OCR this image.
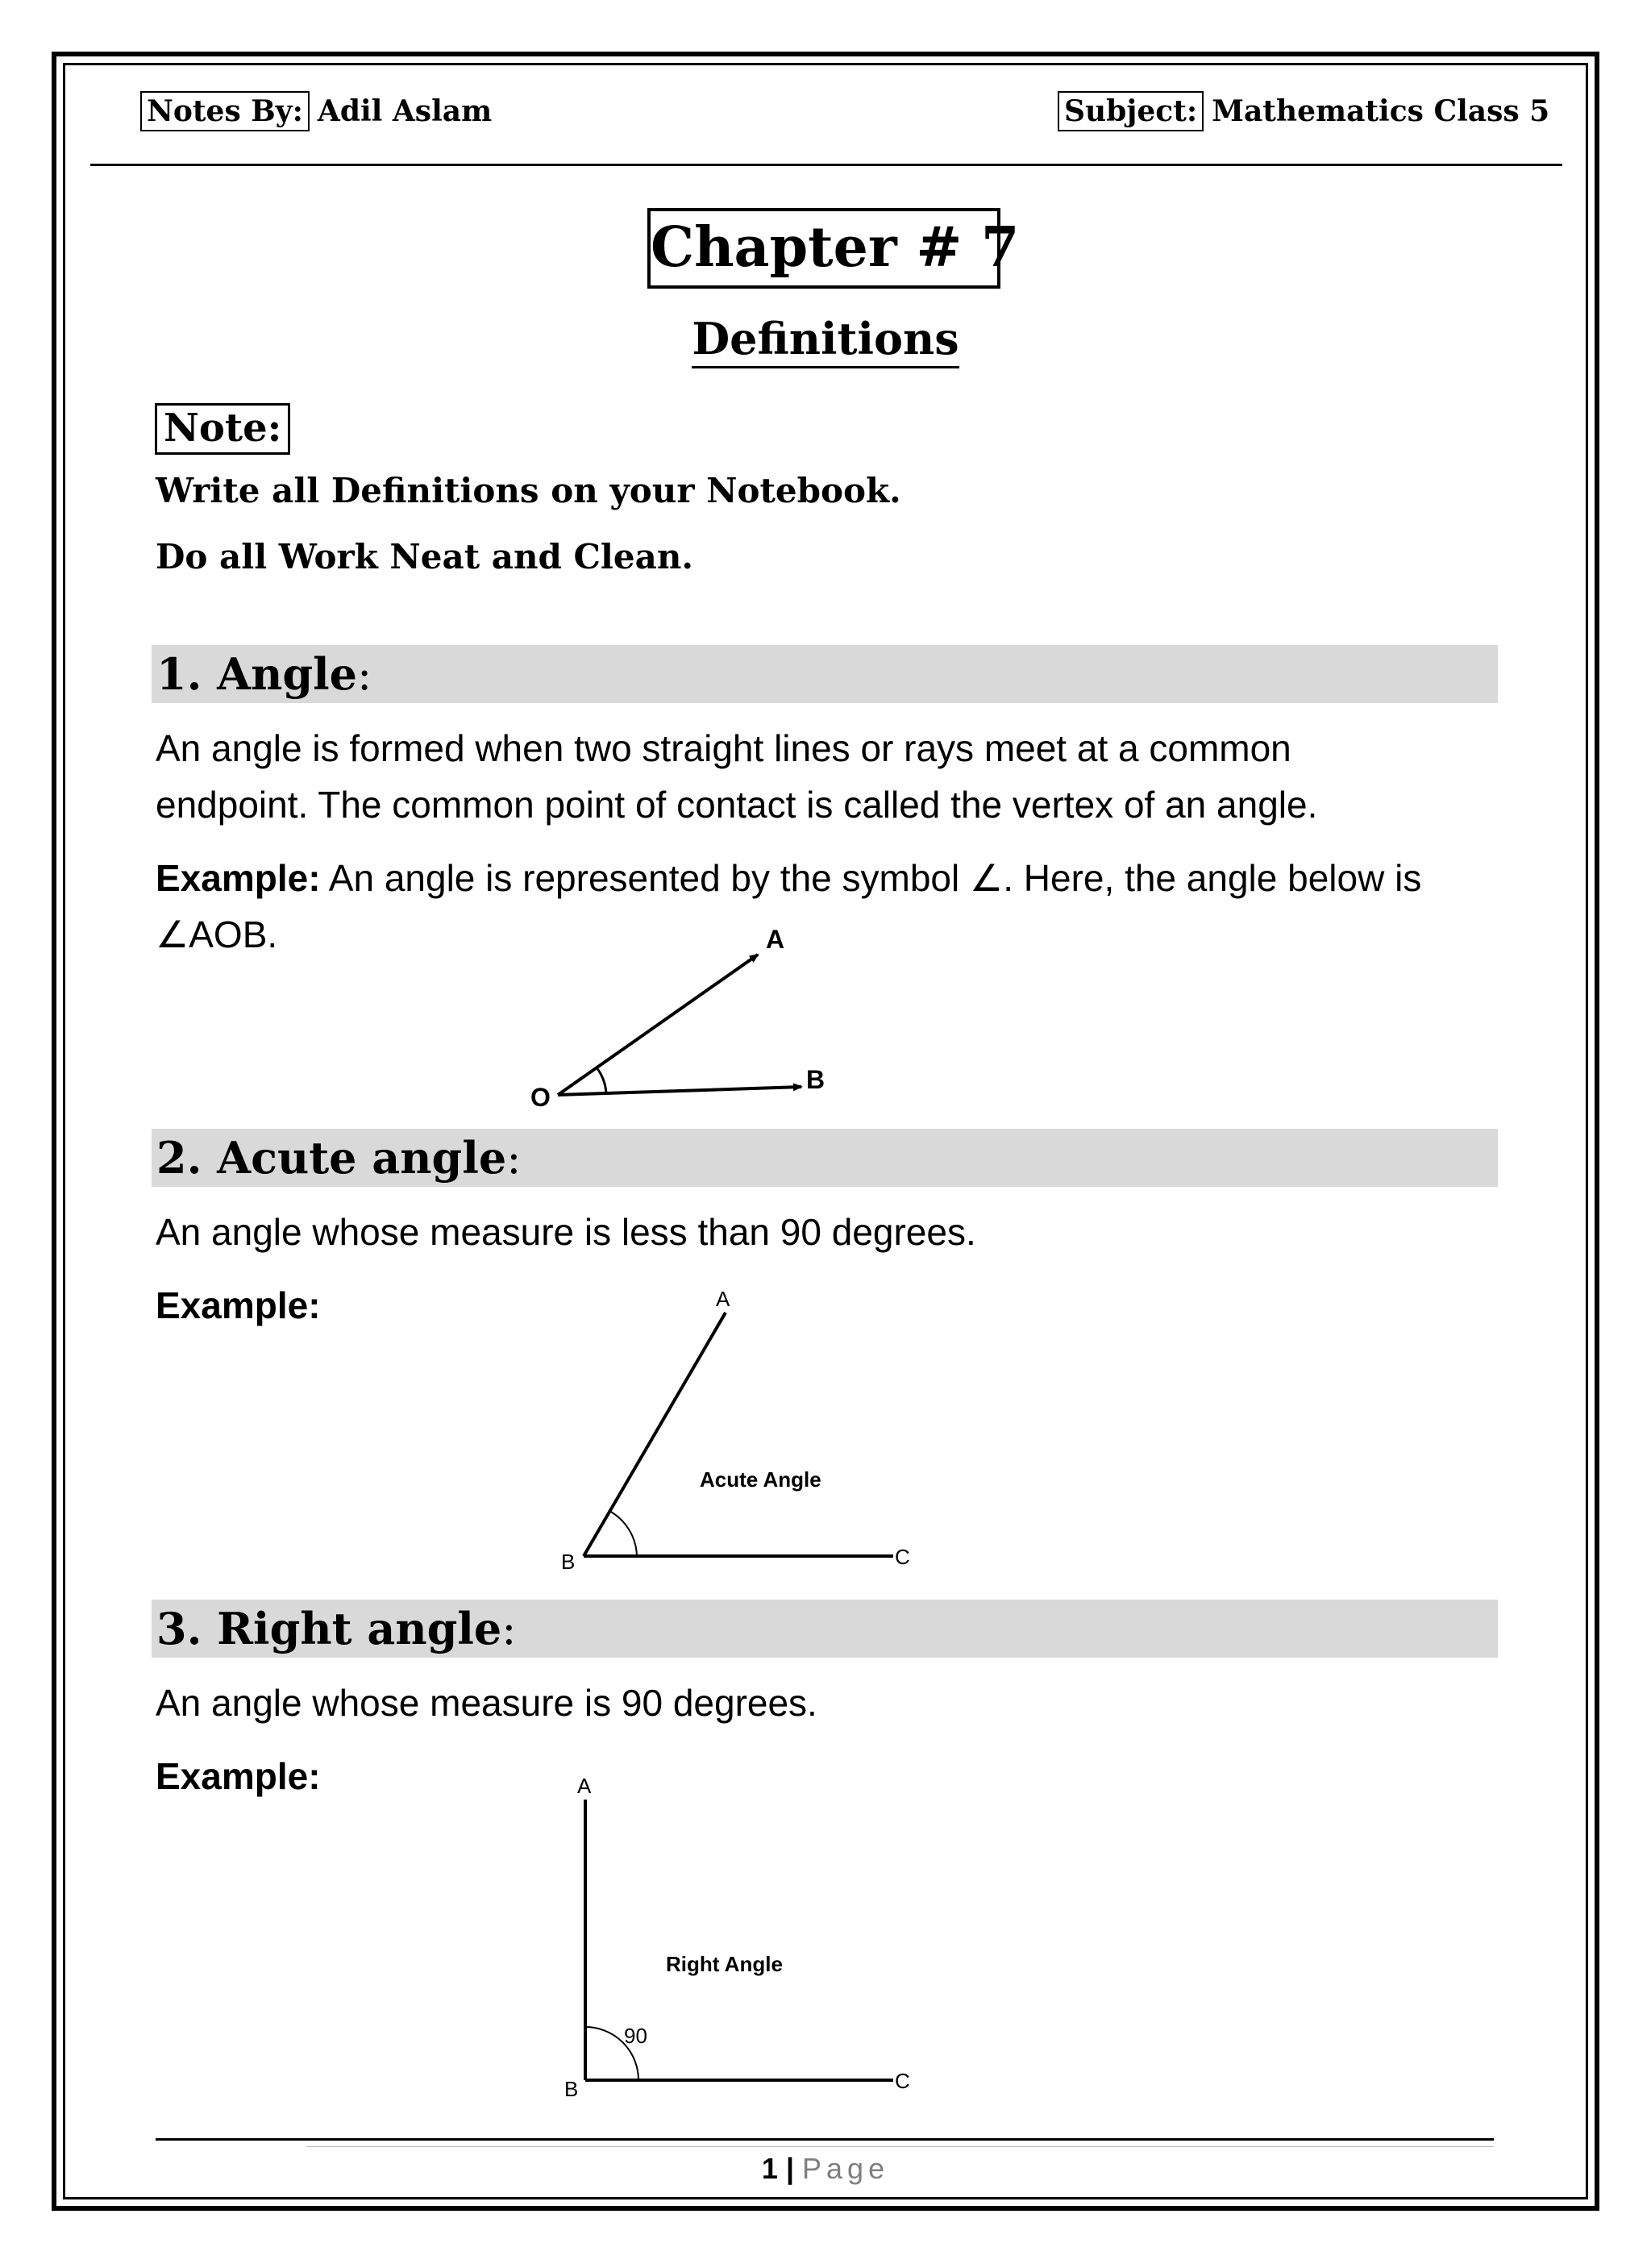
Notes By: Adil Aslam	Subject: Mathematics Class 5
Chapter # 7
Definitions
Note:
Write all Definitions on your Notebook.
Do all Work Neat and Clean.
1. Angle:
An angle is formed when two straight lines or rays meet at a common
endpoint. The common point of contact is called the vertex of an angle.
Example: An angle is represented by the symbol ∠. Here, the angle below is
∠AOB.	A
B
O
2. Acute angle:
An angle whose measure is less than 90 degrees.
Example:	A
B	C
Acute Angle
3. Right angle:
An angle whose measure is 90 degrees.
Example:	A
B	C
90
Right Angle
1 | Page
